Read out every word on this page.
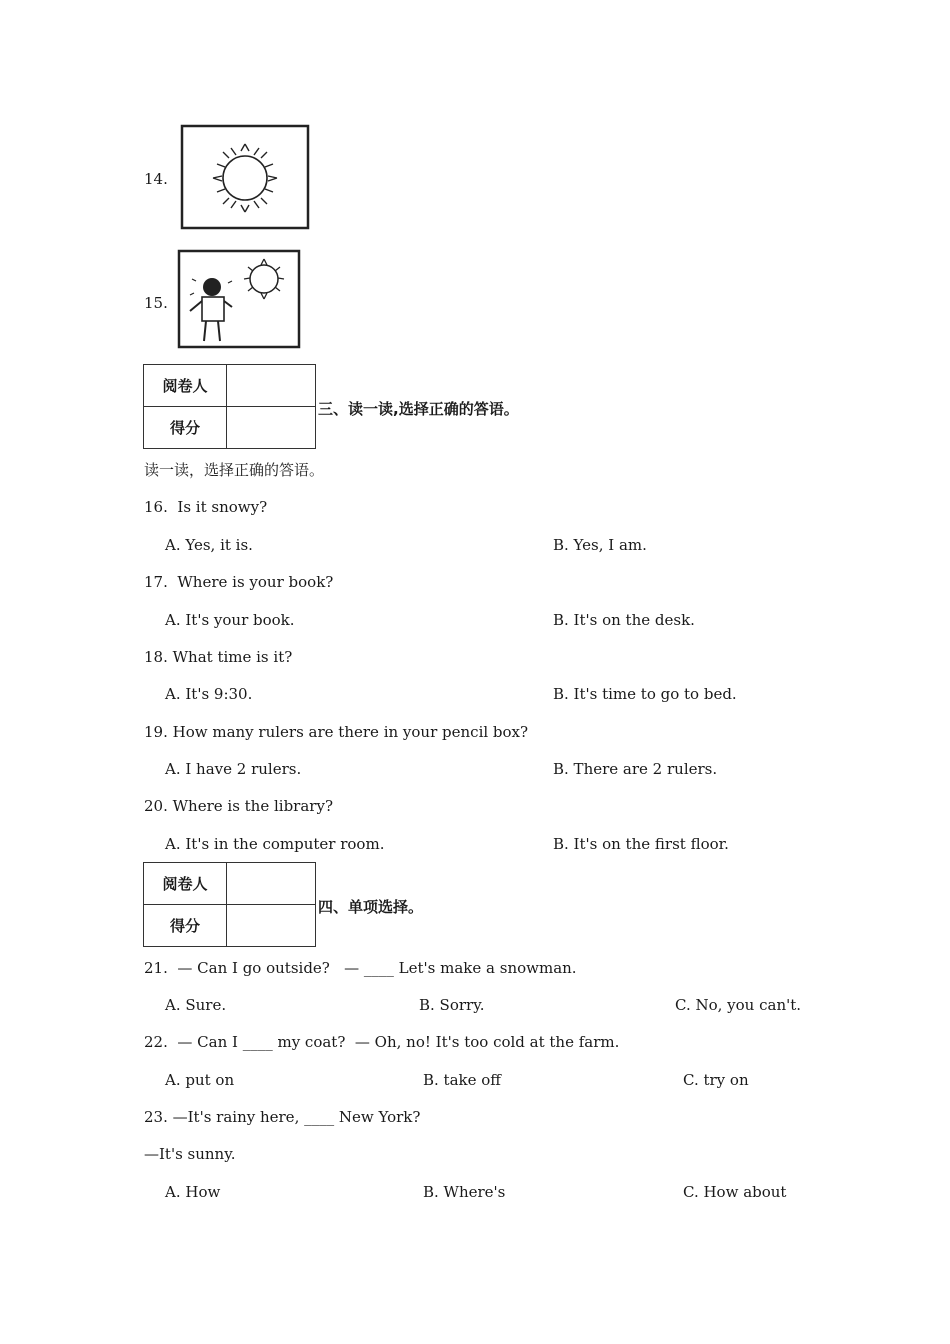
14.
15.
阅卷人	
得分	
三、读一读,选择正确的答语。
读一读，选择正确的答语。
16.  Is it snowy?
A. Yes, it is.	B. Yes, I am.
17.  Where is your book?
A. It's your book.	B. It's on the desk.
18. What time is it?
A. It's 9:30.	B. It's time to go to bed.
19. How many rulers are there in your pencil box?
A. I have 2 rulers.	B. There are 2 rulers.
20. Where is the library?
A. It's in the computer room.	B. It's on the first floor.
阅卷人	
得分	
四、单项选择。
21.  — Can I go outside?   — ____ Let's make a snowman.
A. Sure.	B. Sorry.	C. No, you can't.
22.  — Can I ____ my coat?  — Oh, no! It's too cold at the farm.
A. put on	B. take off	C. try on
23. —It's rainy here, ____ New York?
—It's sunny.
A. How	B. Where's	C. How about
